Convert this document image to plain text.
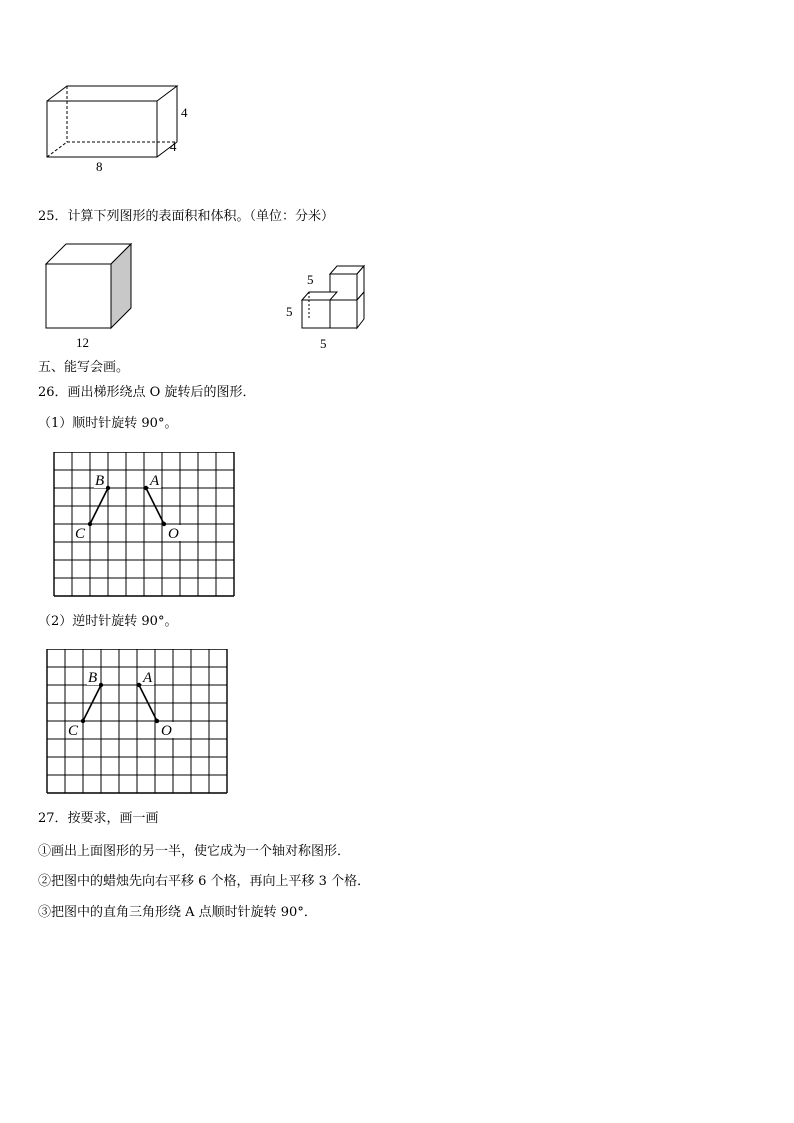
4
4
8
25．计算下列图形的表面积和体积。（单位：分米）
12
5
5
5
五、能写会画。
26．画出梯形绕点 O 旋转后的图形．
（1）顺时针旋转 90°。
B	A
C	O
（2）逆时针旋转 90°。
B	A
C	O
27．按要求，画一画
①画出上面图形的另一半，使它成为一个轴对称图形．
②把图中的蜡烛先向右平移 6 个格，再向上平移 3 个格．
③把图中的直角三角形绕 A 点顺时针旋转 90°．
